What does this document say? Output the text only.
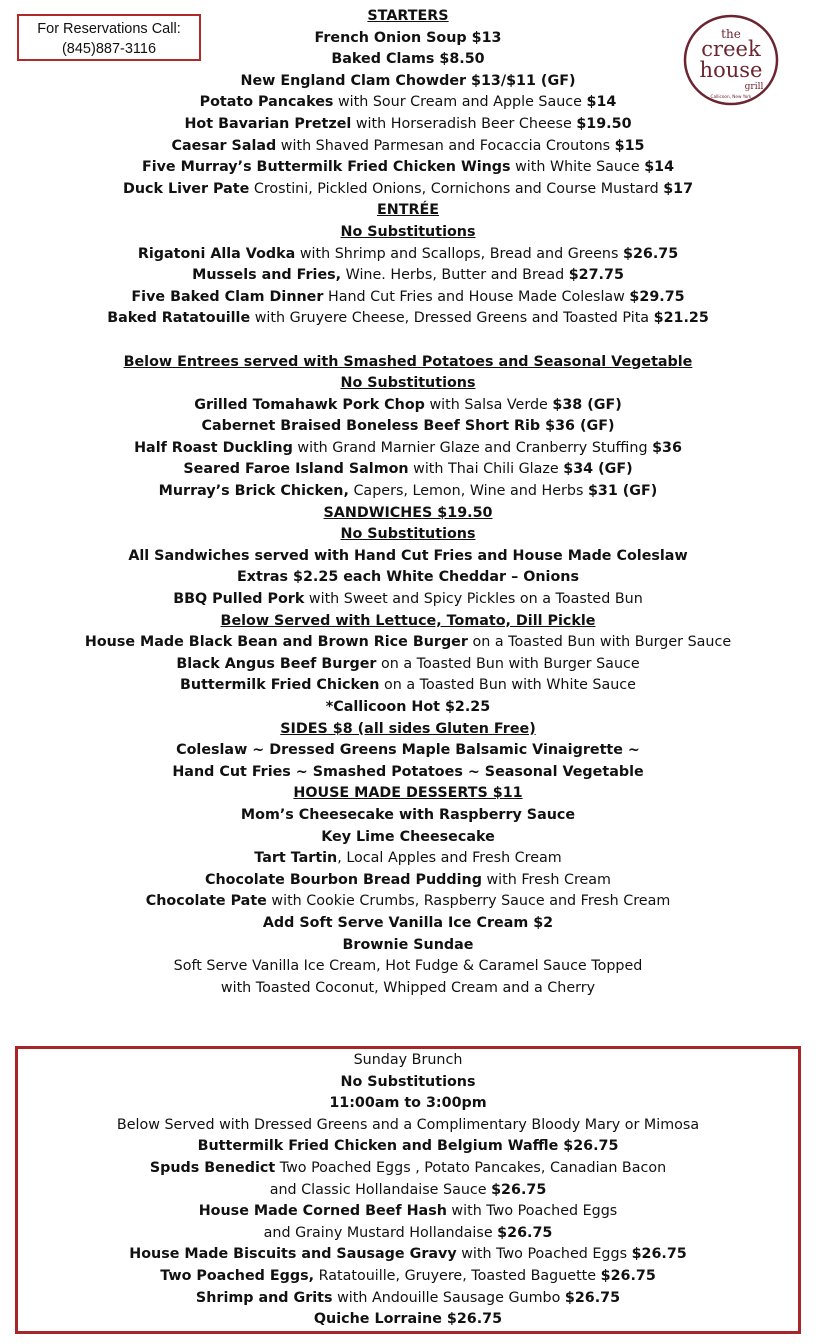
For Reservations Call:
(845)887-3116
the
creek
house
grill
Callicoon, New York
STARTERS
French Onion Soup $13
Baked Clams $8.50
New England Clam Chowder $13/$11 (GF)
Potato Pancakes with Sour Cream and Apple Sauce $14
Hot Bavarian Pretzel with Horseradish Beer Cheese $19.50
Caesar Salad with Shaved Parmesan and Focaccia Croutons $15
Five Murray’s Buttermilk Fried Chicken Wings with White Sauce $14
Duck Liver Pate Crostini, Pickled Onions, Cornichons and Course Mustard $17
ENTRÉE
No Substitutions
Rigatoni Alla Vodka with Shrimp and Scallops, Bread and Greens $26.75
Mussels and Fries, Wine. Herbs, Butter and Bread $27.75
Five Baked Clam Dinner Hand Cut Fries and House Made Coleslaw $29.75
Baked Ratatouille with Gruyere Cheese, Dressed Greens and Toasted Pita $21.25
Below Entrees served with Smashed Potatoes and Seasonal Vegetable
No Substitutions
Grilled Tomahawk Pork Chop with Salsa Verde $38 (GF)
Cabernet Braised Boneless Beef Short Rib $36 (GF)
Half Roast Duckling with Grand Marnier Glaze and Cranberry Stuffing $36
Seared Faroe Island Salmon with Thai Chili Glaze $34 (GF)
Murray’s Brick Chicken, Capers, Lemon, Wine and Herbs $31 (GF)
SANDWICHES $19.50
No Substitutions
All Sandwiches served with Hand Cut Fries and House Made Coleslaw
Extras $2.25 each White Cheddar – Onions
BBQ Pulled Pork with Sweet and Spicy Pickles on a Toasted Bun
Below Served with Lettuce, Tomato, Dill Pickle
House Made Black Bean and Brown Rice Burger on a Toasted Bun with Burger Sauce
Black Angus Beef Burger on a Toasted Bun with Burger Sauce
Buttermilk Fried Chicken on a Toasted Bun with White Sauce
*Callicoon Hot $2.25
SIDES $8 (all sides Gluten Free)
Coleslaw ~ Dressed Greens Maple Balsamic Vinaigrette ~
Hand Cut Fries ~ Smashed Potatoes ~ Seasonal Vegetable
HOUSE MADE DESSERTS $11
Mom’s Cheesecake with Raspberry Sauce
Key Lime Cheesecake
Tart Tartin, Local Apples and Fresh Cream
Chocolate Bourbon Bread Pudding with Fresh Cream
Chocolate Pate with Cookie Crumbs, Raspberry Sauce and Fresh Cream
Add Soft Serve Vanilla Ice Cream $2
Brownie Sundae
Soft Serve Vanilla Ice Cream, Hot Fudge & Caramel Sauce Topped
with Toasted Coconut, Whipped Cream and a Cherry
Sunday Brunch
No Substitutions
11:00am to 3:00pm
Below Served with Dressed Greens and a Complimentary Bloody Mary or Mimosa
Buttermilk Fried Chicken and Belgium Waffle $26.75
Spuds Benedict Two Poached Eggs , Potato Pancakes, Canadian Bacon
and Classic Hollandaise Sauce $26.75
House Made Corned Beef Hash with Two Poached Eggs
and Grainy Mustard Hollandaise $26.75
House Made Biscuits and Sausage Gravy with Two Poached Eggs $26.75
Two Poached Eggs, Ratatouille, Gruyere, Toasted Baguette $26.75
Shrimp and Grits with Andouille Sausage Gumbo $26.75
Quiche Lorraine $26.75
